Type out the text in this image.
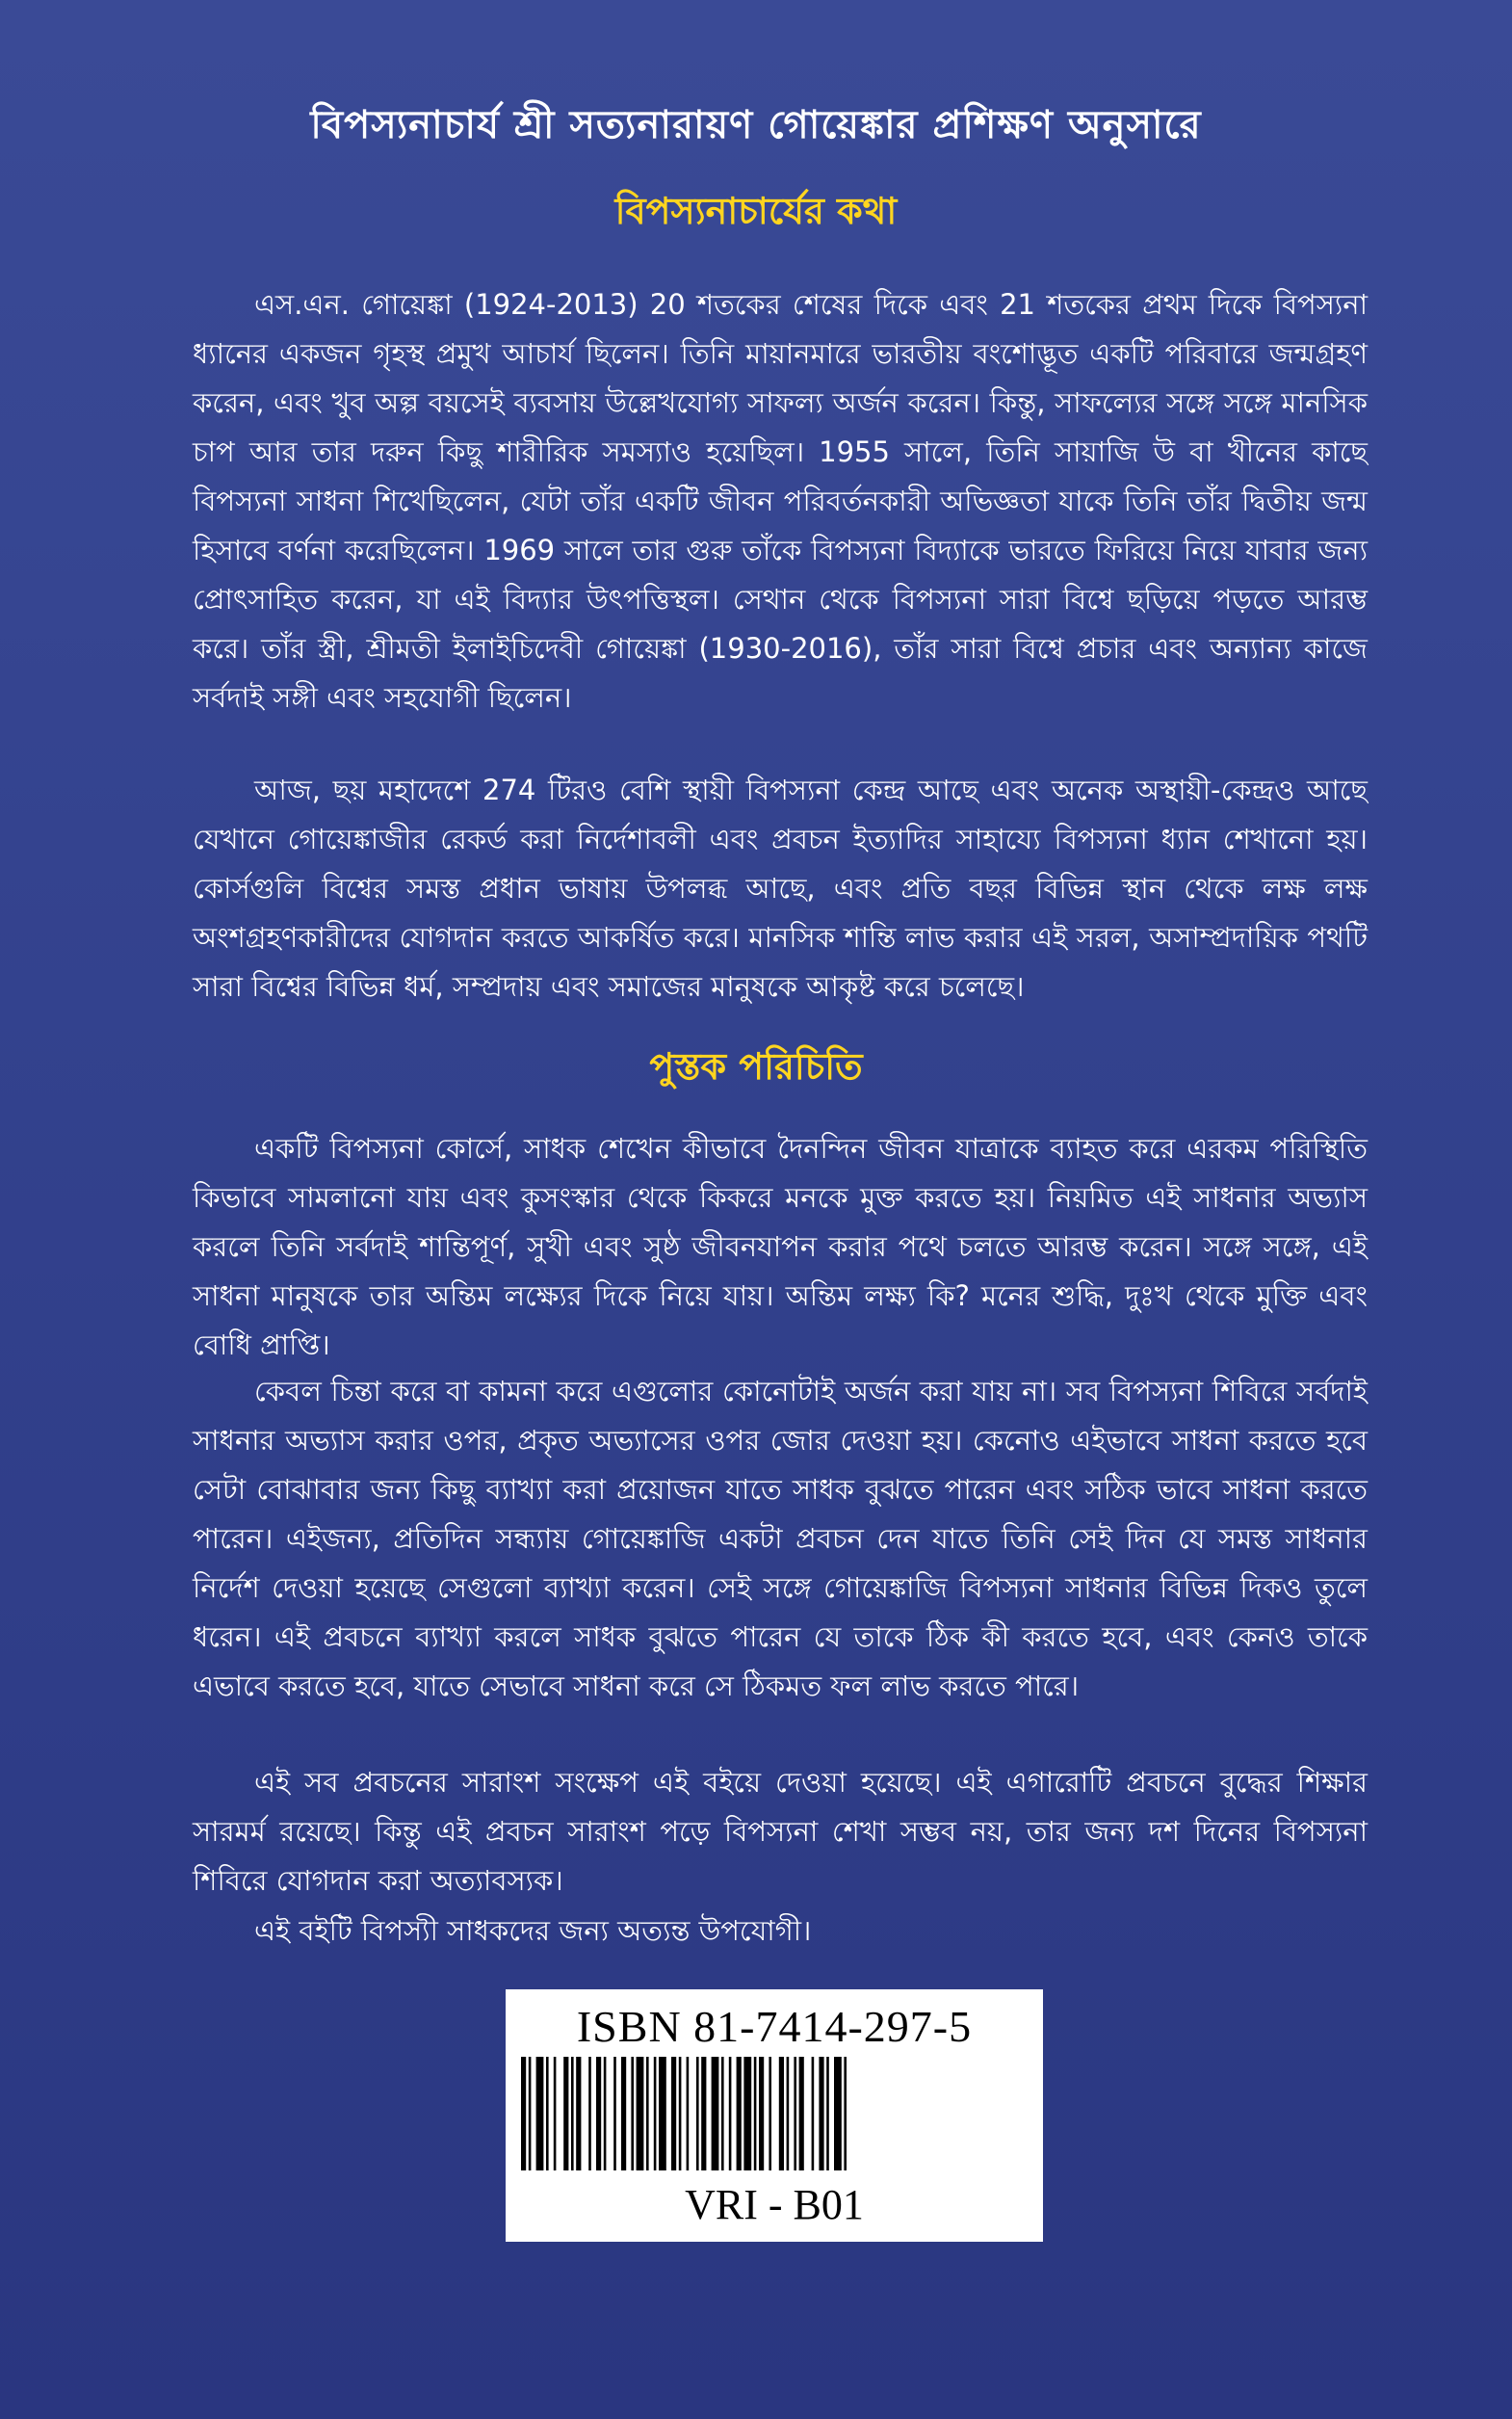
বিপস্যনাচার্য শ্রী সত্যনারায়ণ গোয়েঙ্কার প্রশিক্ষণ অনুসারে
বিপস্যনাচার্যের কথা

এস.এন. গোয়েঙ্কা (1924-2013) 20 শতকের শেষের দিকে এবং 21 শতকের প্রথম দিকে বিপস্যনা ধ্যানের একজন গৃহস্থ প্রমুখ আচার্য ছিলেন। তিনি মায়ানমারে ভারতীয় বংশোদ্ভূত একটি পরিবারে জন্মগ্রহণ করেন, এবং খুব অল্প বয়সেই ব্যবসায় উল্লেখযোগ্য সাফল্য অর্জন করেন। কিন্তু, সাফল্যের সঙ্গে সঙ্গে মানসিক চাপ আর তার দরুন কিছু শারীরিক সমস্যাও হয়েছিল। 1955 সালে, তিনি সায়াজি উ বা খীনের কাছে বিপস্যনা সাধনা শিখেছিলেন, যেটা তাঁর একটি জীবন পরিবর্তনকারী অভিজ্ঞতা যাকে তিনি তাঁর দ্বিতীয় জন্ম হিসাবে বর্ণনা করেছিলেন। 1969 সালে তার গুরু তাঁকে বিপস্যনা বিদ্যাকে ভারতে ফিরিয়ে নিয়ে যাবার জন্য প্রোৎসাহিত করেন, যা এই বিদ্যার উৎপত্তিস্থল। সেথান থেকে বিপস্যনা সারা বিশ্বে ছড়িয়ে পড়তে আরম্ভ করে। তাঁর স্ত্রী, শ্রীমতী ইলাইচিদেবী গোয়েঙ্কা (1930-2016), তাঁর সারা বিশ্বে প্রচার এবং অন্যান্য কাজে সর্বদাই সঙ্গী এবং সহযোগী ছিলেন।

আজ, ছয় মহাদেশে 274 টিরও বেশি স্থায়ী বিপস্যনা কেন্দ্র আছে এবং অনেক অস্থায়ী-কেন্দ্রও আছে যেখানে গোয়েঙ্কাজীর রেকর্ড করা নির্দেশাবলী এবং প্রবচন ইত্যাদির সাহায্যে বিপস্যনা ধ্যান শেখানো হয়। কোর্সগুলি বিশ্বের সমস্ত প্রধান ভাষায় উপলব্ধ আছে, এবং প্রতি বছর বিভিন্ন স্থান থেকে লক্ষ লক্ষ অংশগ্রহণকারীদের যোগদান করতে আকর্ষিত করে। মানসিক শান্তি লাভ করার এই সরল, অসাম্প্রদায়িক পথটি সারা বিশ্বের বিভিন্ন ধর্ম, সম্প্রদায় এবং সমাজের মানুষকে আকৃষ্ট করে চলেছে।

পুস্তক পরিচিতি

একটি বিপস্যনা কোর্সে, সাধক শেখেন কীভাবে দৈনন্দিন জীবন যাত্রাকে ব্যাহত করে এরকম পরিস্থিতি কিভাবে সামলানো যায় এবং কুসংস্কার থেকে কিকরে মনকে মুক্ত করতে হয়। নিয়মিত এই সাধনার অভ্যাস করলে তিনি সর্বদাই শান্তিপূর্ণ, সুখী এবং সুষ্ঠ জীবনযাপন করার পথে চলতে আরম্ভ করেন। সঙ্গে সঙ্গে, এই সাধনা মানুষকে তার অন্তিম লক্ষ্যের দিকে নিয়ে যায়। অন্তিম লক্ষ্য কি? মনের শুদ্ধি, দুঃখ থেকে মুক্তি এবং বোধি প্রাপ্তি।

কেবল চিন্তা করে বা কামনা করে এগুলোর কোনোটাই অর্জন করা যায় না। সব বিপস্যনা শিবিরে সর্বদাই সাধনার অভ্যাস করার ওপর, প্রকৃত অভ্যাসের ওপর জোর দেওয়া হয়। কেনোও এইভাবে সাধনা করতে হবে সেটা বোঝাবার জন্য কিছু ব্যাখ্যা করা প্রয়োজন যাতে সাধক বুঝতে পারেন এবং সঠিক ভাবে সাধনা করতে পারেন। এইজন্য, প্রতিদিন সন্ধ্যায় গোয়েঙ্কাজি একটা প্রবচন দেন যাতে তিনি সেই দিন যে সমস্ত সাধনার নির্দেশ দেওয়া হয়েছে সেগুলো ব্যাখ্যা করেন। সেই সঙ্গে গোয়েঙ্কাজি বিপস্যনা সাধনার বিভিন্ন দিকও তুলে ধরেন। এই প্রবচনে ব্যাখ্যা করলে সাধক বুঝতে পারেন যে তাকে ঠিক কী করতে হবে, এবং কেনও তাকে এভাবে করতে হবে, যাতে সেভাবে সাধনা করে সে ঠিকমত ফল লাভ করতে পারে।

এই সব প্রবচনের সারাংশ সংক্ষেপ এই বইয়ে দেওয়া হয়েছে। এই এগারোটি প্রবচনে বুদ্ধের শিক্ষার সারমর্ম রয়েছে। কিন্তু এই প্রবচন সারাংশ পড়ে বিপস্যনা শেখা সম্ভব নয়, তার জন্য দশ দিনের বিপস্যনা শিবিরে যোগদান করা অত্যাবস্যক।

এই বইটি বিপস্যী সাধকদের জন্য অত্যন্ত উপযোগী।

ISBN 81-7414-297-5
VRI - B01
